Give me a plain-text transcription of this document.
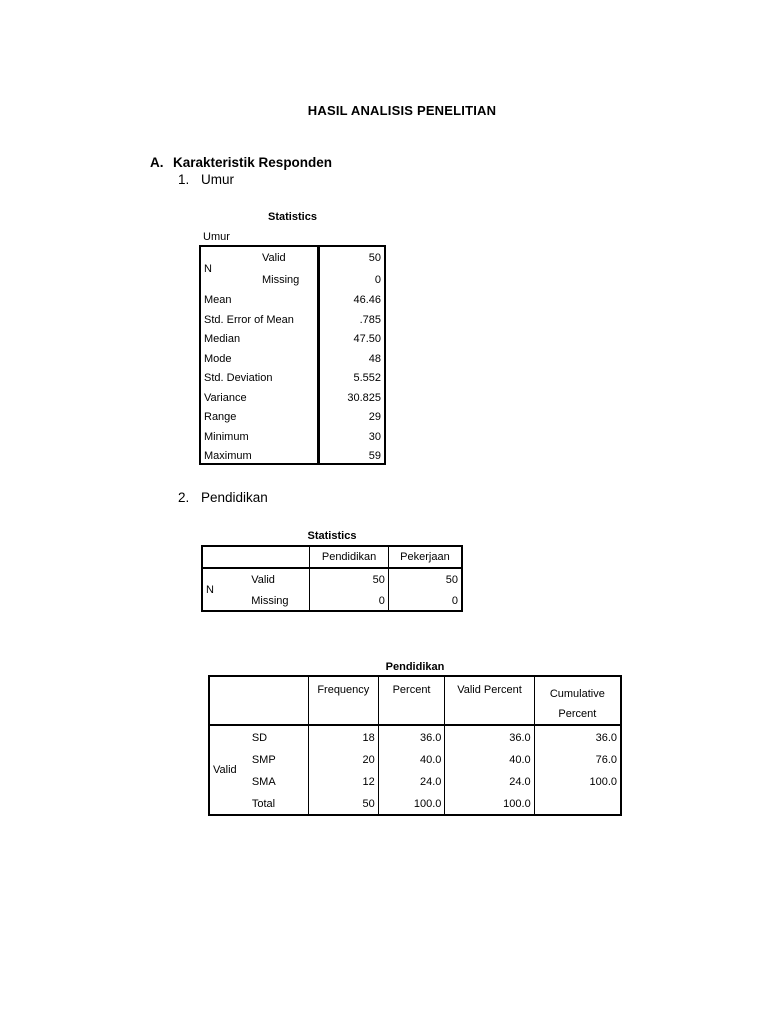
HASIL ANALISIS PENELITIAN
A. Karakteristik Responden
1. Umur
Statistics
Umur
Valid	50
N
Missing	0
Mean	46.46
Std. Error of Mean	.785
Median	47.50
Mode	48
Std. Deviation	5.552
Variance	30.825
Range	29
Minimum	30
Maximum	59
2. Pendidikan
Statistics
		Pendidikan	Pekerjaan
N	Valid	50	50
	Missing	0	0
Pendidikan
		Frequency	Percent	Valid Percent	Cumulative Percent
Valid	SD	18	36.0	36.0	36.0
	SMP	20	40.0	40.0	76.0
	SMA	12	24.0	24.0	100.0
	Total	50	100.0	100.0	
